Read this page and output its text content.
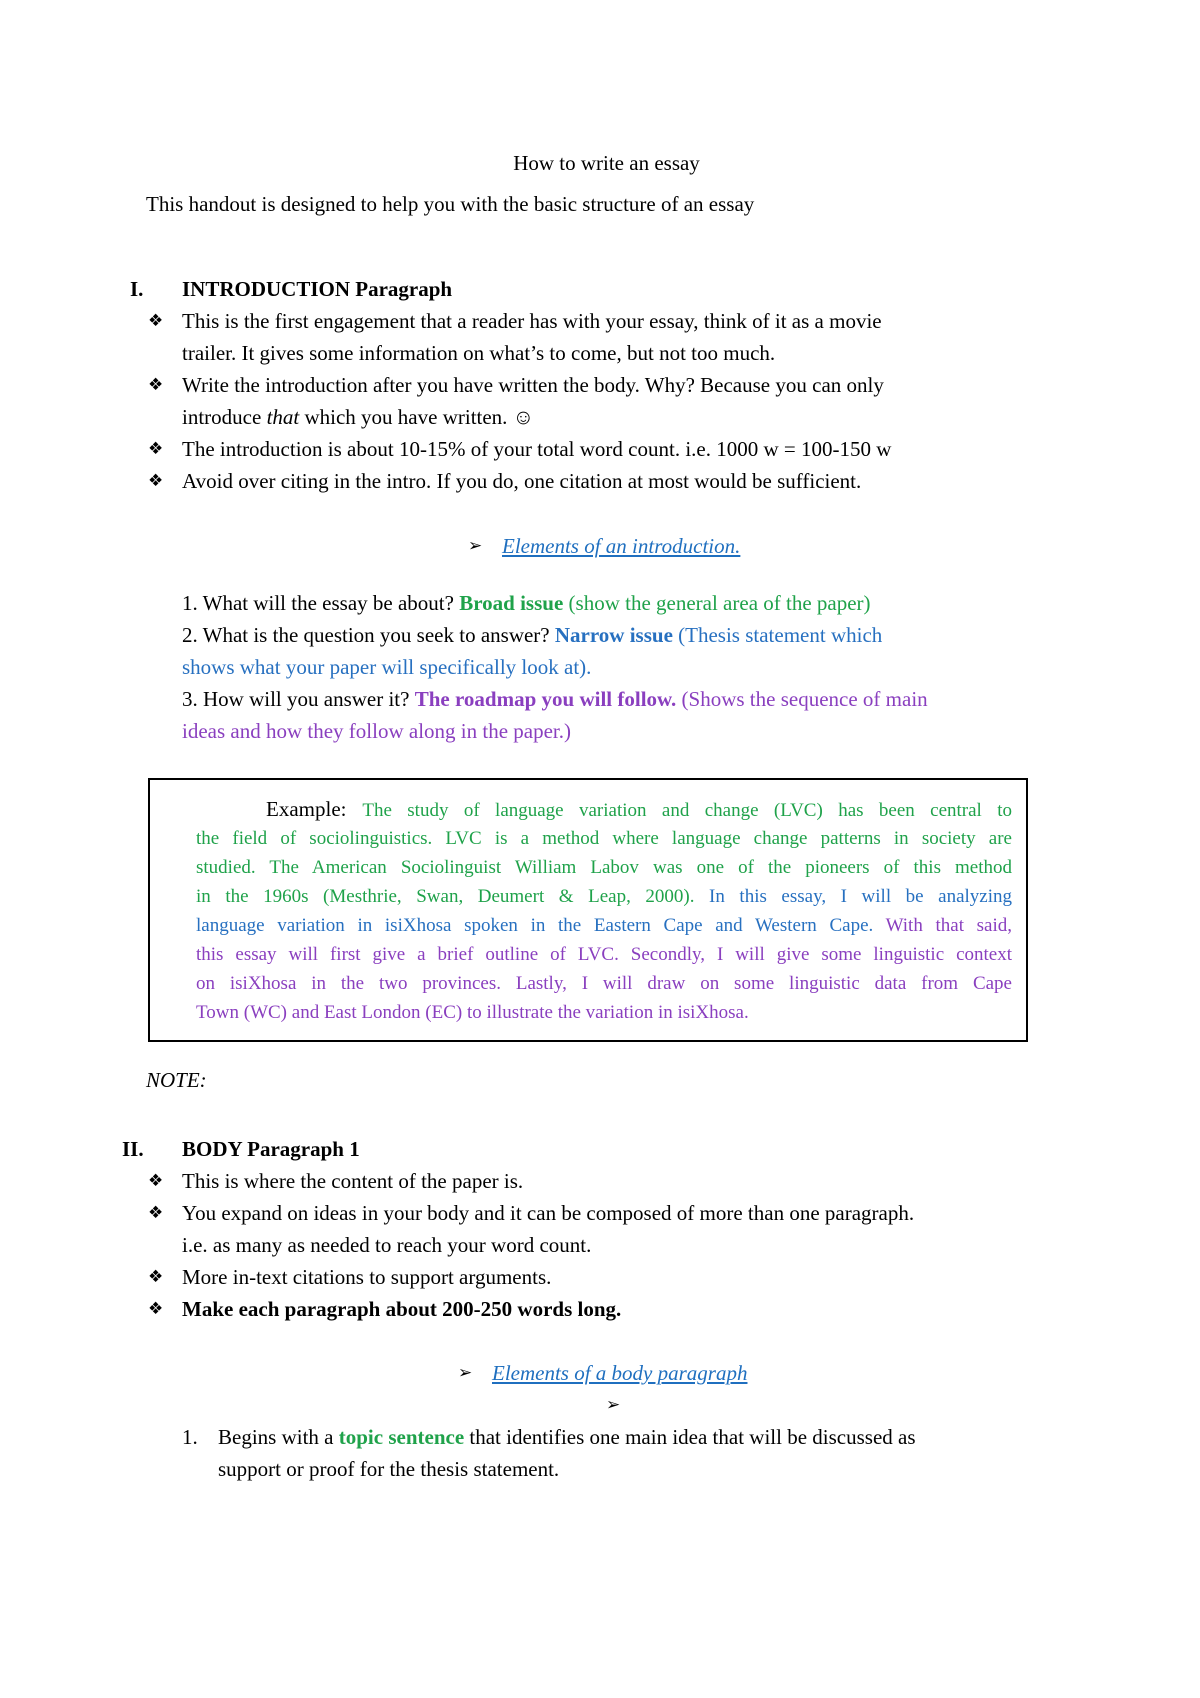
How to write an essay
This handout is designed to help you with the basic structure of an essay
I. INTRODUCTION Paragraph
❖ This is the first engagement that a reader has with your essay, think of it as a movie
trailer. It gives some information on what’s to come, but not too much.
❖ Write the introduction after you have written the body. Why? Because you can only
introduce that which you have written. ☺
❖ The introduction is about 10-15% of your total word count. i.e. 1000 w = 100-150 w
❖ Avoid over citing in the intro. If you do, one citation at most would be sufficient.
➢ Elements of an introduction.
1. What will the essay be about? Broad issue (show the general area of the paper)
2. What is the question you seek to answer? Narrow issue (Thesis statement which
shows what your paper will specifically look at).
3. How will you answer it? The roadmap you will follow. (Shows the sequence of main
ideas and how they follow along in the paper.)
Example: The study of language variation and change (LVC) has been central to
the field of sociolinguistics. LVC is a method where language change patterns in society are
studied. The American Sociolinguist William Labov was one of the pioneers of this method
in the 1960s (Mesthrie, Swan, Deumert & Leap, 2000). In this essay, I will be analyzing
language variation in isiXhosa spoken in the Eastern Cape and Western Cape. With that said,
this essay will first give a brief outline of LVC. Secondly, I will give some linguistic context
on isiXhosa in the two provinces. Lastly, I will draw on some linguistic data from Cape
Town (WC) and East London (EC) to illustrate the variation in isiXhosa.
NOTE:
II. BODY Paragraph 1
❖ This is where the content of the paper is.
❖ You expand on ideas in your body and it can be composed of more than one paragraph.
i.e. as many as needed to reach your word count.
❖ More in-text citations to support arguments.
❖ Make each paragraph about 200-250 words long.
➢ Elements of a body paragraph
➢
1. Begins with a topic sentence that identifies one main idea that will be discussed as
support or proof for the thesis statement.
